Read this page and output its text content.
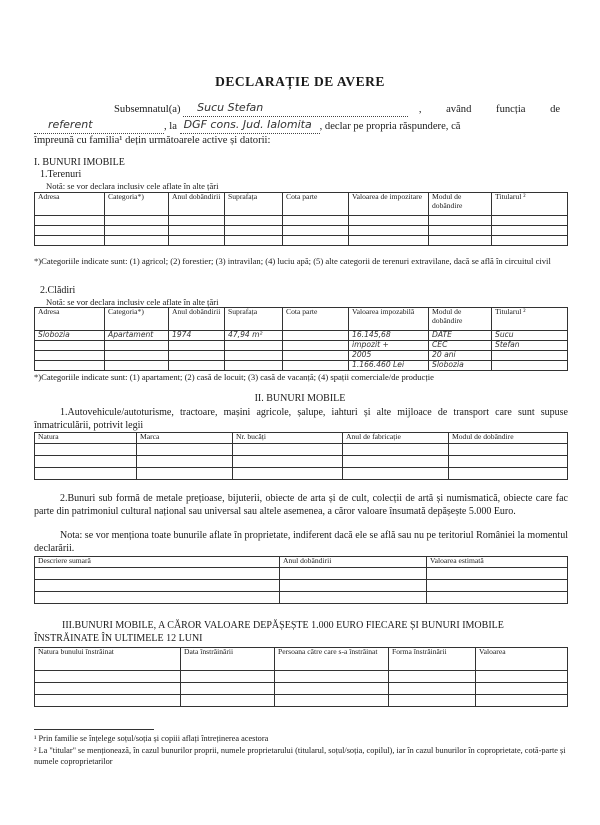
DECLARAȚIE DE AVERE
Subsemnatul(a) Sucu Stefan	, având funcția de
referent	, la DGF cons. Jud. Ialomita , declar pe propria răspundere, că
împreună cu familia¹ dețin următoarele active și datorii:
I. BUNURI IMOBILE
1.Terenuri
Notă: se vor declara inclusiv cele aflate în alte țări
Adresa	Categoria*)	Anul dobândirii	Suprafața	Cota parte	Valoarea de impozitare	Modul de dobândire	Titularul ²

*)Categoriile indicate sunt: (1) agricol; (2) forestier; (3) intravilan; (4) luciu apă; (5) alte categorii de terenuri extravilane, dacă se află în circuitul civil
2.Clădiri
Notă: se vor declara inclusiv cele aflate în alte țări
Adresa	Categoria*)	Anul dobândirii	Suprafața	Cota parte	Valoarea impozabilă	Modul de dobândire	Titularul ²
Slobozia	Apartament	1974	47,94 m²		16.145,68	DATE	Sucu
					impozit +	CEC	Stefan
					2005	20 ani	
					1.166.460 Lei	Slobozia	
*)Categoriile indicate sunt: (1) apartament; (2) casă de locuit; (3) casă de vacanță; (4) spații comerciale/de producție
II. BUNURI MOBILE
1.Autovehicule/autoturisme, tractoare, mașini agricole, șalupe, iahturi și alte mijloace de transport care sunt supuse înmatriculării, potrivit legii
Natura	Marca	Nr. bucăți	Anul de fabricație	Modul de dobândire

2.Bunuri sub formă de metale prețioase, bijuterii, obiecte de arta și de cult, colecții de artă și numismatică, obiecte care fac parte din patrimoniul cultural național sau universal sau altele asemenea, a căror valoare însumată depășește 5.000 Euro.
Nota: se vor menționa toate bunurile aflate în proprietate, indiferent dacă ele se află sau nu pe teritoriul României la momentul declarării.
Descriere sumară	Anul dobândirii	Valoarea estimată

III.BUNURI MOBILE, A CĂROR VALOARE DEPĂȘEȘTE 1.000 EURO FIECARE ȘI BUNURI IMOBILE ÎNSTRĂINATE ÎN ULTIMELE 12 LUNI
Natura bunului înstrăinat	Data înstrăinării	Persoana către care s-a înstrăinat	Forma înstrăinării	Valoarea

¹ Prin familie se înțelege soțul/soția și copiii aflați întreținerea acestora
² La "titular" se menționează, în cazul bunurilor proprii, numele proprietarului (titularul, soțul/soția, copilul), iar în cazul bunurilor în coproprietate, cotă-parte și numele coproprietarilor
